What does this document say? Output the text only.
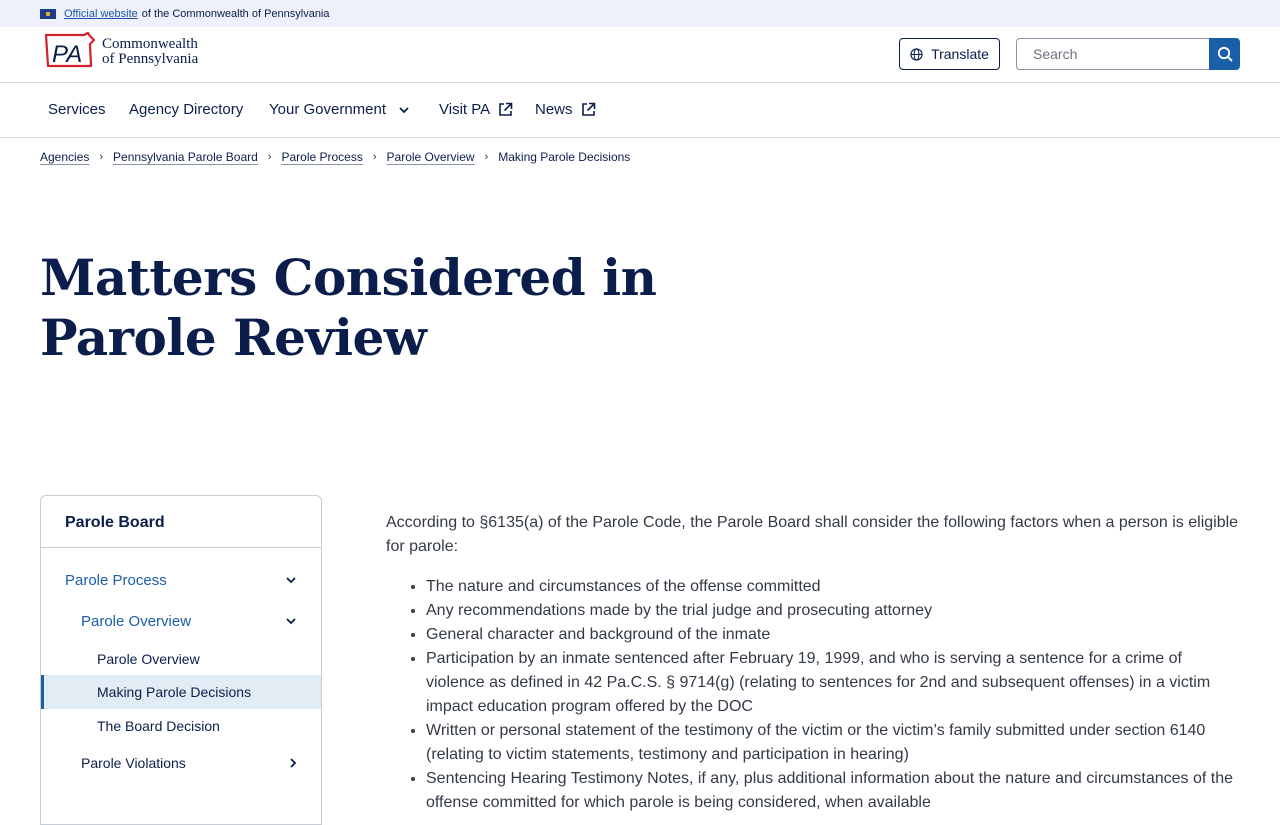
Official website of the Commonwealth of Pennsylvania
PA Commonwealth
of Pennsylvania	Translate
Search
Services Agency Directory Your Government	Visit PA	News
Agencies › Pennsylvania Parole Board › Parole Process › Parole Overview › Making Parole Decisions
Matters Considered in Parole Review
Parole Board
Parole Process
Parole Overview
Parole Overview
Making Parole Decisions
The Board Decision
Parole Violations

According to §6135(a) of the Parole Code, the Parole Board shall consider the following factors when a person is eligible for parole:

• The nature and circumstances of the offense committed
• Any recommendations made by the trial judge and prosecuting attorney
• General character and background of the inmate
• Participation by an inmate sentenced after February 19, 1999, and who is serving a sentence for a crime of violence as defined in 42 Pa.C.S. § 9714(g) (relating to sentences for 2nd and subsequent offenses) in a victim impact education program offered by the DOC
• Written or personal statement of the testimony of the victim or the victim’s family submitted under section 6140 (relating to victim statements, testimony and participation in hearing)
• Sentencing Hearing Testimony Notes, if any, plus additional information about the nature and circumstances of the offense committed for which parole is being considered, when available
